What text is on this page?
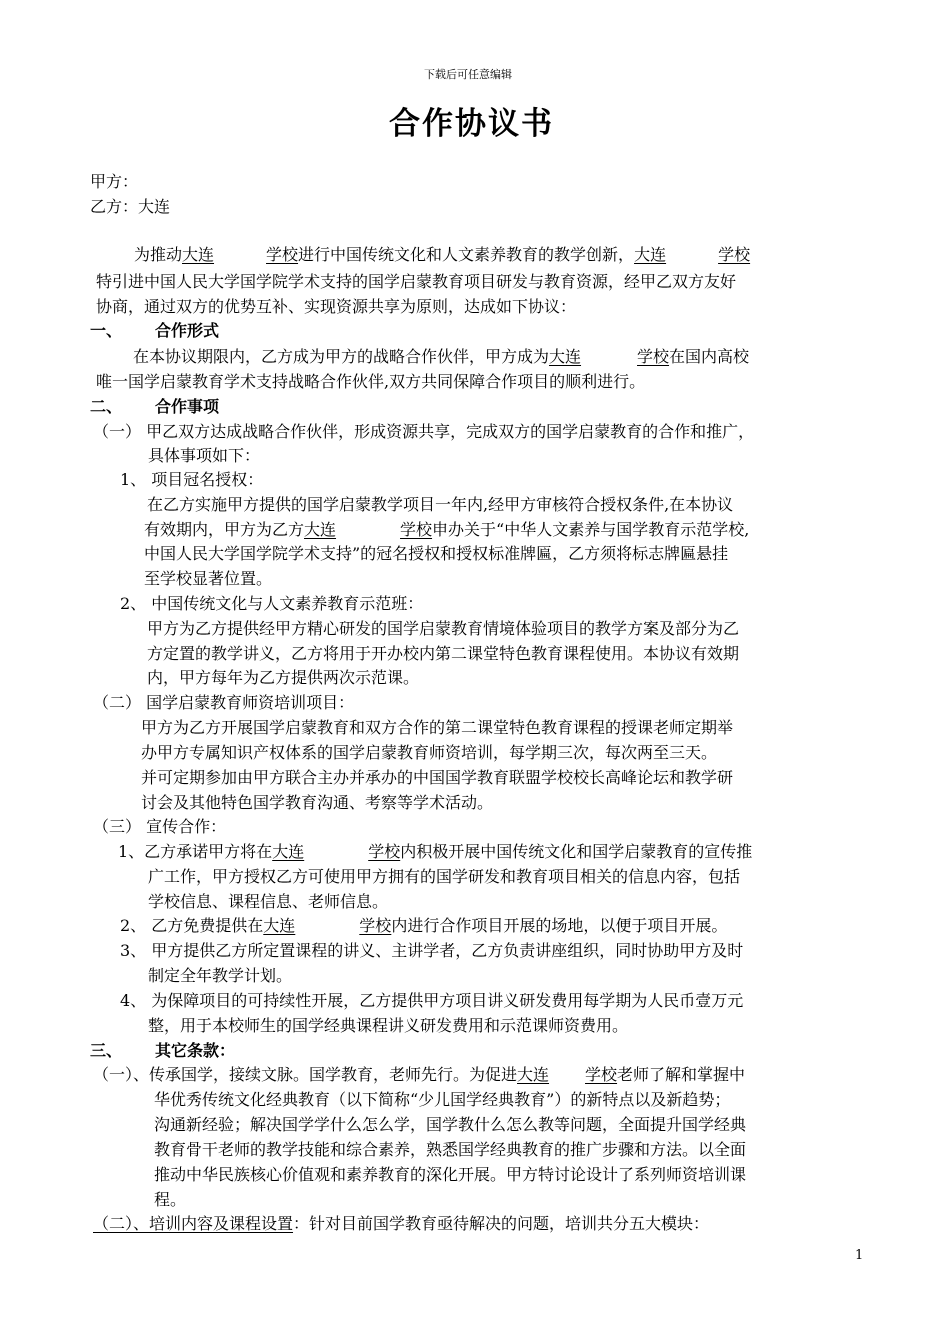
下载后可任意编辑
合作协议书
甲方：
乙方：大连
为推动大连	学校进行中国传统文化和人文素养教育的教学创新，大连	学校
特引进中国人民大学国学院学术支持的国学启蒙教育项目研发与教育资源，经甲乙双方友好
协商，通过双方的优势互补、实现资源共享为原则，达成如下协议：
一、 合作形式
在本协议期限内，乙方成为甲方的战略合作伙伴，甲方成为大连	学校在国内高校
唯一国学启蒙教育学术支持战略合作伙伴,双方共同保障合作项目的顺利进行。
二、 合作事项
（一） 甲乙双方达成战略合作伙伴，形成资源共享，完成双方的国学启蒙教育的合作和推广，
具体事项如下：
1、 项目冠名授权：
在乙方实施甲方提供的国学启蒙教学项目一年内,经甲方审核符合授权条件,在本协议
有效期内，甲方为乙方大连	学校申办关于“中华人文素养与国学教育示范学校,
中国人民大学国学院学术支持”的冠名授权和授权标准牌匾，乙方须将标志牌匾悬挂
至学校显著位置。
2、 中国传统文化与人文素养教育示范班：
甲方为乙方提供经甲方精心研发的国学启蒙教育情境体验项目的教学方案及部分为乙
方定置的教学讲义，乙方将用于开办校内第二课堂特色教育课程使用。本协议有效期
内，甲方每年为乙方提供两次示范课。
（二） 国学启蒙教育师资培训项目：
甲方为乙方开展国学启蒙教育和双方合作的第二课堂特色教育课程的授课老师定期举
办甲方专属知识产权体系的国学启蒙教育师资培训，每学期三次，每次两至三天。
并可定期参加由甲方联合主办并承办的中国国学教育联盟学校校长高峰论坛和教学研
讨会及其他特色国学教育沟通、考察等学术活动。
（三） 宣传合作：
1、乙方承诺甲方将在大连	学校内积极开展中国传统文化和国学启蒙教育的宣传推
广工作，甲方授权乙方可使用甲方拥有的国学研发和教育项目相关的信息内容，包括
学校信息、课程信息、老师信息。
2、 乙方免费提供在大连	学校内进行合作项目开展的场地，以便于项目开展。
3、 甲方提供乙方所定置课程的讲义、主讲学者，乙方负责讲座组织，同时协助甲方及时
制定全年教学计划。
4、 为保障项目的可持续性开展，乙方提供甲方项目讲义研发费用每学期为人民币壹万元
整，用于本校师生的国学经典课程讲义研发费用和示范课师资费用。
三、 其它条款：
（一）、传承国学，接续文脉。国学教育，老师先行。为促进大连 学校老师了解和掌握中
华优秀传统文化经典教育（以下简称“少儿国学经典教育”）的新特点以及新趋势；
沟通新经验；解决国学学什么怎么学，国学教什么怎么教等问题，全面提升国学经典
教育骨干老师的教学技能和综合素养，熟悉国学经典教育的推广步骤和方法。以全面
推动中华民族核心价值观和素养教育的深化开展。甲方特讨论设计了系列师资培训课
程。
（二）、培训内容及课程设置：针对目前国学教育亟待解决的问题，培训共分五大模块：
1
